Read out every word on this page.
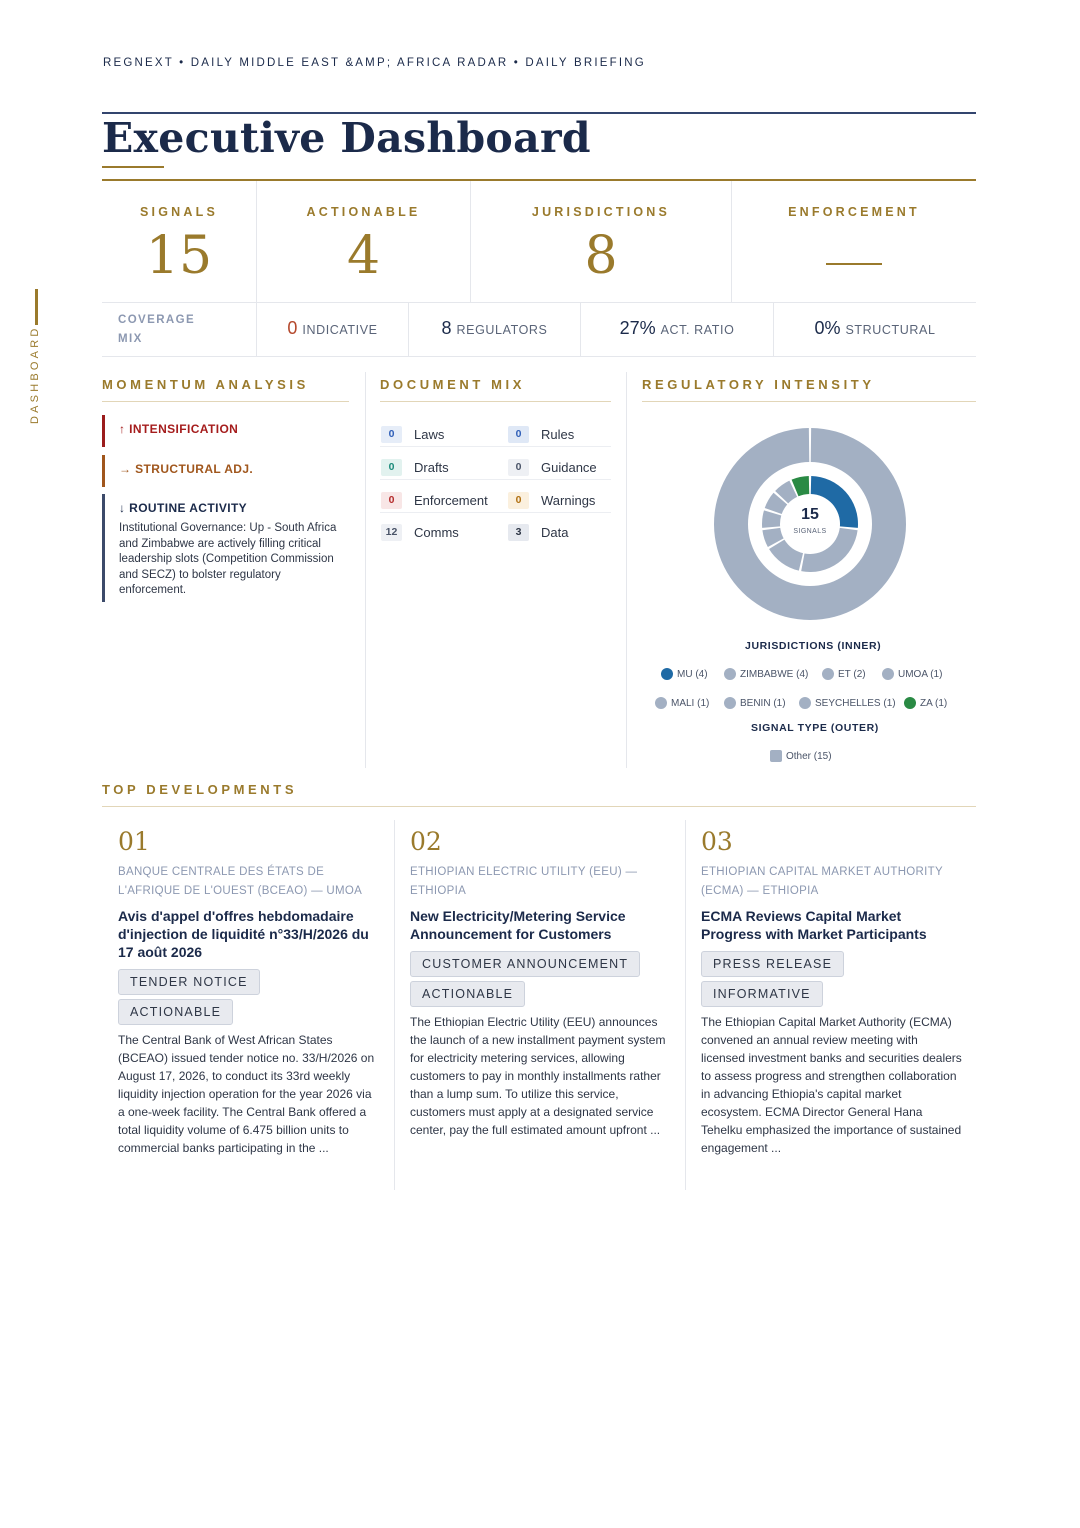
REGNEXT • DAILY MIDDLE EAST &AMP; AFRICA RADAR • DAILY BRIEFING
DASHBOARD
Executive Dashboard
SIGNALS
15
ACTIONABLE
4
JURISDICTIONS
8
ENFORCEMENT
COVERAGE MIX
0 INDICATIVE	8 REGULATORS	27% ACT. RATIO	0% STRUCTURAL
MOMENTUM ANALYSIS
↑ INTENSIFICATION
→ STRUCTURAL ADJ.
↓ ROUTINE ACTIVITY
Institutional Governance: Up - South Africa and Zimbabwe are actively filling critical leadership slots (Competition Commission and SECZ) to bolster regulatory enforcement.
DOCUMENT MIX
0	Laws	0	Rules
0	Drafts	0	Guidance
0	Enforcement	0	Warnings
12	Comms	3	Data
REGULATORY INTENSITY
15
SIGNALS
JURISDICTIONS (INNER)
MU (4)	ZIMBABWE (4)	ET (2)	UMOA (1)
MALI (1)	BENIN (1)	SEYCHELLES (1)	ZA (1)
SIGNAL TYPE (OUTER)
Other (15)
TOP DEVELOPMENTS
01
BANQUE CENTRALE DES ÉTATS DE L'AFRIQUE DE L'OUEST (BCEAO) — UMOA
Avis d'appel d'offres hebdomadaire d'injection de liquidité n°33/H/2026 du 17 août 2026
TENDER NOTICE
ACTIONABLE
The Central Bank of West African States (BCEAO) issued tender notice no. 33/H/2026 on August 17, 2026, to conduct its 33rd weekly liquidity injection operation for the year 2026 via a one-week facility. The Central Bank offered a total liquidity volume of 6.475 billion units to commercial banks participating in the ...
02
ETHIOPIAN ELECTRIC UTILITY (EEU) — ETHIOPIA
New Electricity/Metering Service Announcement for Customers
CUSTOMER ANNOUNCEMENT
ACTIONABLE
The Ethiopian Electric Utility (EEU) announces the launch of a new installment payment system for electricity metering services, allowing customers to pay in monthly installments rather than a lump sum. To utilize this service, customers must apply at a designated service center, pay the full estimated amount upfront ...
03
ETHIOPIAN CAPITAL MARKET AUTHORITY (ECMA) — ETHIOPIA
ECMA Reviews Capital Market Progress with Market Participants
PRESS RELEASE
INFORMATIVE
The Ethiopian Capital Market Authority (ECMA) convened an annual review meeting with licensed investment banks and securities dealers to assess progress and strengthen collaboration in advancing Ethiopia's capital market ecosystem. ECMA Director General Hana Tehelku emphasized the importance of sustained engagement ...
